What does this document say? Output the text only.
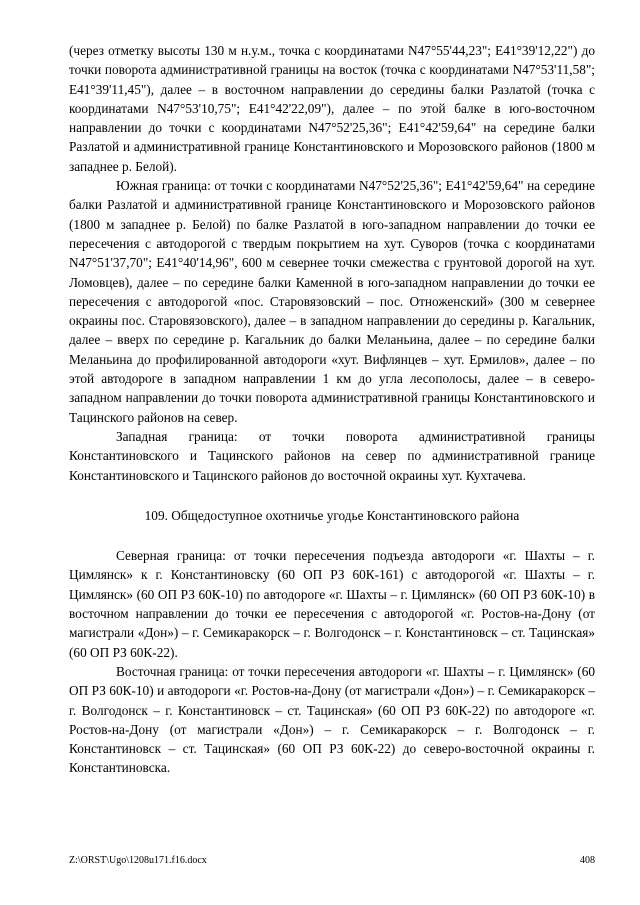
(через отметку высоты 130 м н.у.м., точка с координатами N47°55'44,23"; E41°39'12,22") до точки поворота административной границы на восток (точка с координатами N47°53'11,58"; E41°39'11,45"), далее – в восточном направлении до середины балки Разлатой (точка с координатами N47°53'10,75"; E41°42'22,09"), далее – по этой балке в юго-восточном направлении до точки с координатами N47°52'25,36"; E41°42'59,64" на середине балки Разлатой и административной границе Константиновского и Морозовского районов (1800 м западнее р. Белой).

Южная граница: от точки с координатами N47°52'25,36"; E41°42'59,64" на середине балки Разлатой и административной границе Константиновского и Морозовского районов (1800 м западнее р. Белой) по балке Разлатой в юго-западном направлении до точки ее пересечения с автодорогой с твердым покрытием на хут. Суворов (точка с координатами N47°51'37,70"; E41°40'14,96", 600 м севернее точки смежества с грунтовой дорогой на хут. Ломовцев), далее – по середине балки Каменной в юго-западном направлении до точки ее пересечения с автодорогой «пос. Старовязовский – пос. Отноженский» (300 м севернее окраины пос. Старовязовского), далее – в западном направлении до середины р. Кагальник, далее – вверх по середине р. Кагальник до балки Меланьина, далее – по середине балки Меланьина до профилированной автодороги «хут. Вифлянцев – хут. Ермилов», далее – по этой автодороге в западном направлении 1 км до угла лесополосы, далее – в северо-западном направлении до точки поворота административной границы Константиновского и Тацинского районов на север.

Западная граница: от точки поворота административной границы Константиновского и Тацинского районов на север по административной границе Константиновского и Тацинского районов до восточной окраины хут. Кухтачева.

109. Общедоступное охотничье угодье Константиновского района

Северная граница: от точки пересечения подъезда автодороги «г. Шахты – г. Цимлянск» к г. Константиновску (60 ОП РЗ 60К-161) с автодорогой «г. Шахты – г. Цимлянск» (60 ОП РЗ 60К-10) по автодороге «г. Шахты – г. Цимлянск» (60 ОП РЗ 60К-10) в восточном направлении до точки ее пересечения с автодорогой «г. Ростов-на-Дону (от магистрали «Дон») – г. Семикаракорск – г. Волгодонск – г. Константиновск – ст. Тацинская» (60 ОП РЗ 60К-22).

Восточная граница: от точки пересечения автодороги «г. Шахты – г. Цимлянск» (60 ОП РЗ 60К-10) и автодороги «г. Ростов-на-Дону (от магистрали «Дон») – г. Семикаракорск – г. Волгодонск – г. Константиновск – ст. Тацинская» (60 ОП РЗ 60К-22) по автодороге «г. Ростов-на-Дону (от магистрали «Дон») – г. Семикаракорск – г. Волгодонск – г. Константиновск – ст. Тацинская» (60 ОП РЗ 60К-22) до северо-восточной окраины г. Константиновска.

Z:\ORST\Ugo\1208u171.f16.docx	408
